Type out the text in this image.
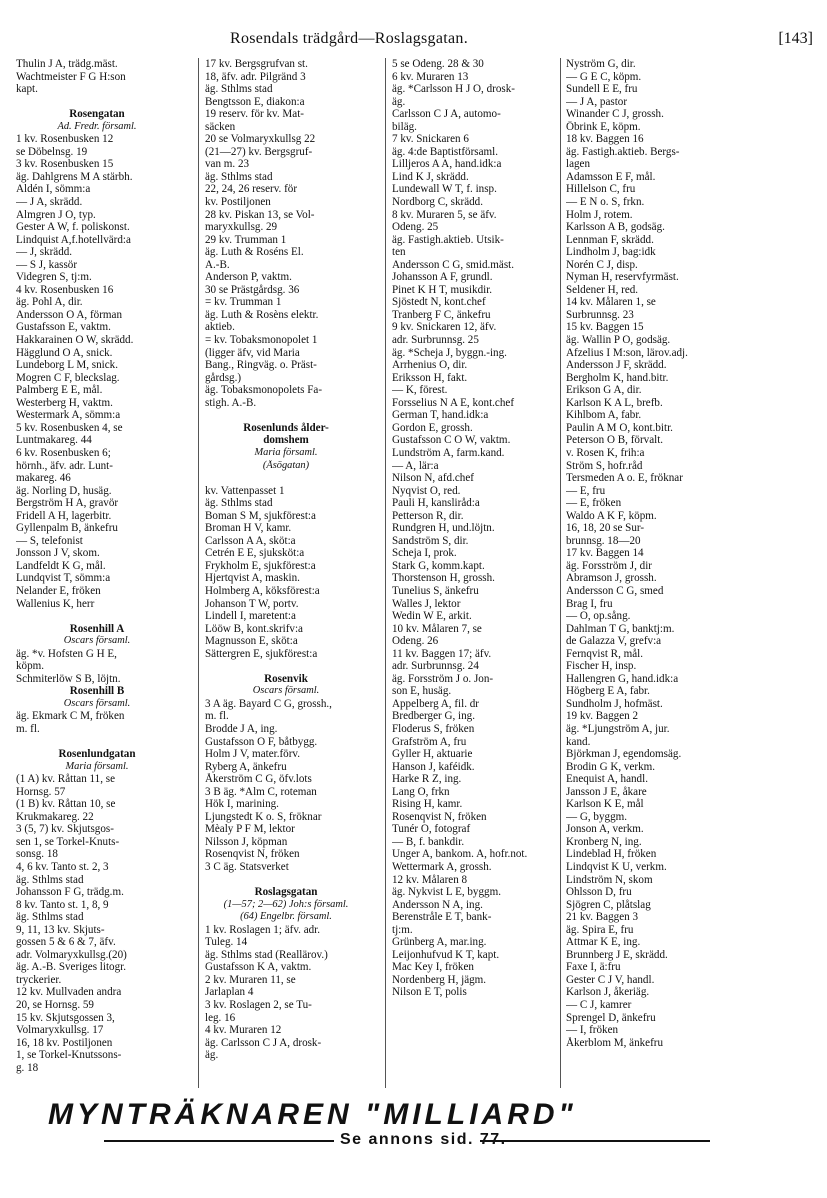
Rosendals trädgård—Roslagsgatan.	[143]
Thulin J A, trädg.mäst.
Wachtmeister F G H:son
kapt.
Rosengatan
Ad. Fredr. församl.
1 kv. Rosenbusken 12
se Döbelnsg. 19
3 kv. Rosenbusken 15
äg. Dahlgrens M A stärbh.
Aldén I, sömm:a
— J A, skrädd.
Almgren J O, typ.
Gester A W, f. poliskonst.
Lindquist A,f.hotellvärd:a
— J, skrädd.
— S J, kassör
Videgren S, tj:m.
4 kv. Rosenbusken 16
äg. Pohl A, dir.
Andersson O A, förman
Gustafsson E, vaktm.
Hakkarainen O W, skrädd.
Hägglund O A, snick.
Lundeborg L M, snick.
Mogren C F, bleckslag.
Palmberg E E, mål.
Westerberg H, vaktm.
Westermark A, sömm:a
5 kv. Rosenbusken 4, se
Luntmakareg. 44
6 kv. Rosenbusken 6;
hörnh., äfv. adr. Lunt-
makareg. 46
äg. Norling D, husäg.
Bergström H A, gravör
Fridell A H, lagerbitr.
Gyllenpalm B, änkefru
— S, telefonist
Jonsson J V, skom.
Landfeldt K G, mål.
Lundqvist T, sömm:a
Nelander E, fröken
Wallenius K, herr
Rosenhill A
Oscars församl.
äg. *v. Hofsten G H E,
köpm.
Schmiterlöw S B, löjtn.
Rosenhill B
Oscars församl.
äg. Ekmark C M, fröken
m. fl.
Rosenlundgatan
Maria församl.
(1 A) kv. Råttan 11, se
Hornsg. 57
(1 B) kv. Råttan 10, se
Krukmakareg. 22
3 (5, 7) kv. Skjutsgos-
sen 1, se Torkel-Knuts-
sonsg. 18
4, 6 kv. Tanto st. 2, 3
äg. Sthlms stad
Johansson F G, trädg.m.
8 kv. Tanto st. 1, 8, 9
äg. Sthlms stad
9, 11, 13 kv. Skjuts-
gossen 5 & 6 & 7, äfv.
adr. Volmaryxkullsg.(20)
äg. A.-B. Sveriges litogr.
tryckerier.
12 kv. Mullvaden andra
20, se Hornsg. 59
15 kv. Skjutsgossen 3,
Volmaryxkullsg. 17
16, 18 kv. Postiljonen
1, se Torkel-Knutssons-
g. 18
17 kv. Bergsgrufvan st.
18, äfv. adr. Pilgränd 3
äg. Sthlms stad
Bengtsson E, diakon:a
19 reserv. för kv. Mat-
säcken
20 se Volmaryxkullsg 22
(21—27) kv. Bergsgruf-
van m. 23
äg. Sthlms stad
22, 24, 26 reserv. för
kv. Postiljonen
28 kv. Piskan 13, se Vol-
maryxkullsg. 29
29 kv. Trumman 1
äg. Luth & Roséns El.
A.-B.
Anderson P, vaktm.
30 se Prästgårdsg. 36
= kv. Trumman 1
äg. Luth & Rosèns elektr.
aktieb.
= kv. Tobaksmonopolet 1
(ligger äfv, vid Maria
Bang., Ringväg. o. Präst-
gårdsg.)
äg. Tobaksmonopolets Fa-
stigh. A.-B.
Rosenlunds ålder-
domshem
Maria församl.
(Åsögatan)
kv. Vattenpasset 1
äg. Sthlms stad
Boman S M, sjukförest:a
Broman H V, kamr.
Carlsson A A, sköt:a
Cetrén E E, sjuksköt:a
Frykholm E, sjukförest:a
Hjertqvist A, maskin.
Holmberg A, köksförest:a
Johanson T W, portv.
Lindell I, maretent:a
Lööw B, kont.skrifv:a
Magnusson E, sköt:a
Sättergren E, sjukförest:a
Rosenvik
Oscars församl.
3 A äg. Bayard C G, grossh.,
m. fl.
Brodde J A, ing.
Gustafsson O F, båtbygg.
Holm J V, mater.förv.
Ryberg A, änkefru
Åkerström C G, öfv.lots
3 B äg. *Alm C, roteman
Hök I, marining.
Ljungstedt K o. S, fröknar
Mèaly P F M, lektor
Nilsson J, köpman
Rosenqvist N, fröken
3 C äg. Statsverket
Roslagsgatan
(1—57; 2—62) Joh:s församl.
(64) Engelbr. församl.
1 kv. Roslagen 1; äfv. adr.
Tuleg. 14
äg. Sthlms stad (Reallärov.)
Gustafsson K A, vaktm.
2 kv. Muraren 11, se
Jarlaplan 4
3 kv. Roslagen 2, se Tu-
leg. 16
4 kv. Muraren 12
äg. Carlsson C J A, drosk-
äg.
5 se Odeng. 28 & 30
6 kv. Muraren 13
äg. *Carlsson H J O, drosk-
äg.
Carlsson C J A, automo-
biläg.
7 kv. Snickaren 6
äg. 4:de Baptistförsaml.
Lilljeros A A, hand.idk:a
Lind K J, skrädd.
Lundewall W T, f. insp.
Nordborg C, skrädd.
8 kv. Muraren 5, se äfv.
Odeng. 25
äg. Fastigh.aktieb. Utsik-
ten
Andersson C G, smid.mäst.
Johansson A F, grundl.
Pinet K H T, musikdir.
Sjöstedt N, kont.chef
Tranberg F C, änkefru
9 kv. Snickaren 12, äfv.
adr. Surbrunnsg. 25
äg. *Scheja J, byggn.-ing.
Arrhenius O, dir.
Eriksson H, fakt.
— K, förest.
Forsselius N A E, kont.chef
German T, hand.idk:a
Gordon E, grossh.
Gustafsson C O W, vaktm.
Lundström A, farm.kand.
— A, lär:a
Nilson N, afd.chef
Nyqvist O, red.
Pauli H, kansliråd:a
Petterson R, dir.
Rundgren H, und.löjtn.
Sandström S, dir.
Scheja I, prok.
Stark G, komm.kapt.
Thorstenson H, grossh.
Tunelius S, änkefru
Walles J, lektor
Wedin W E, arkit.
10 kv. Målaren 7, se
Odeng. 26
11 kv. Baggen 17; äfv.
adr. Surbrunnsg. 24
äg. Forsström J o. Jon-
son E, husäg.
Appelberg A, fil. dr
Bredberger G, ing.
Floderus S, fröken
Grafström A, fru
Gyller H, aktuarie
Hanson J, kaféidk.
Harke R Z, ing.
Lang O, frkn
Rising H, kamr.
Rosenqvist N, fröken
Tunér O, fotograf
— B, f. bankdir.
Unger A, bankom. A, hofr.not.
Wettermark A, grossh.
12 kv. Målaren 8
äg. Nykvist L E, byggm.
Andersson N A, ing.
Berenstråle E T, bank-
tj:m.
Grünberg A, mar.ing.
Leijonhufvud K T, kapt.
Mac Key I, fröken
Nordenberg H, jägm.
Nilson E T, polis
Nyström G, dir.
— G E C, köpm.
Sundell E E, fru
— J A, pastor
Winander C J, grossh.
Öbrink E, köpm.
18 kv. Baggen 16
äg. Fastigh.aktieb. Bergs-
lagen
Adamsson E F, mål.
Hillelson C, fru
— E N o. S, frkn.
Holm J, rotem.
Karlsson A B, godsäg.
Lennman F, skrädd.
Lindholm J, bag:idk
Norén C J, disp.
Nyman H, reservfyrmäst.
Seldener H, red.
14 kv. Målaren 1, se
Surbrunnsg. 23
15 kv. Baggen 15
äg. Wallin P O, godsäg.
Afzelius I M:son, lärov.adj.
Andersson J F, skrädd.
Bergholm K, hand.bitr.
Erikson G A, dir.
Karlson K A L, brefb.
Kihlbom A, fabr.
Paulin A M O, kont.bitr.
Peterson O B, förvalt.
v. Rosen K, frih:a
Ström S, hofr.råd
Tersmeden A o. E, fröknar
— E, fru
— E, fröken
Waldo A K F, köpm.
16, 18, 20 se Sur-
brunnsg. 18—20
17 kv. Baggen 14
äg. Forsström J, dir
Abramson J, grossh.
Andersson C G, smed
Brag I, fru
— O, op.sång.
Dahlman T G, banktj:m.
de Galazza V, grefv:a
Fernqvist R, mål.
Fischer H, insp.
Hallengren G, hand.idk:a
Högberg E A, fabr.
Sundholm J, hofmäst.
19 kv. Baggen 2
äg. *Ljungström A, jur.
kand.
Björkman J, egendomsäg.
Brodin G K, verkm.
Enequist A, handl.
Jansson J E, åkare
Karlson K E, mål
— G, byggm.
Jonson A, verkm.
Kronberg N, ing.
Lindeblad H, fröken
Lindqvist K U, verkm.
Lindström N, skom
Ohlsson D, fru
Sjögren C, plåtslag
21 kv. Baggen 3
äg. Spira E, fru
Attmar K E, ing.
Brunnberg J E, skrädd.
Faxe I, ä:fru
Gester C J V, handl.
Karlson J, åkeriäg.
— C J, kamrer
Sprengel D, änkefru
— I, fröken
Åkerblom M, änkefru
MYNTRÄKNAREN "MILLIARD"
Se annons sid. 77.
